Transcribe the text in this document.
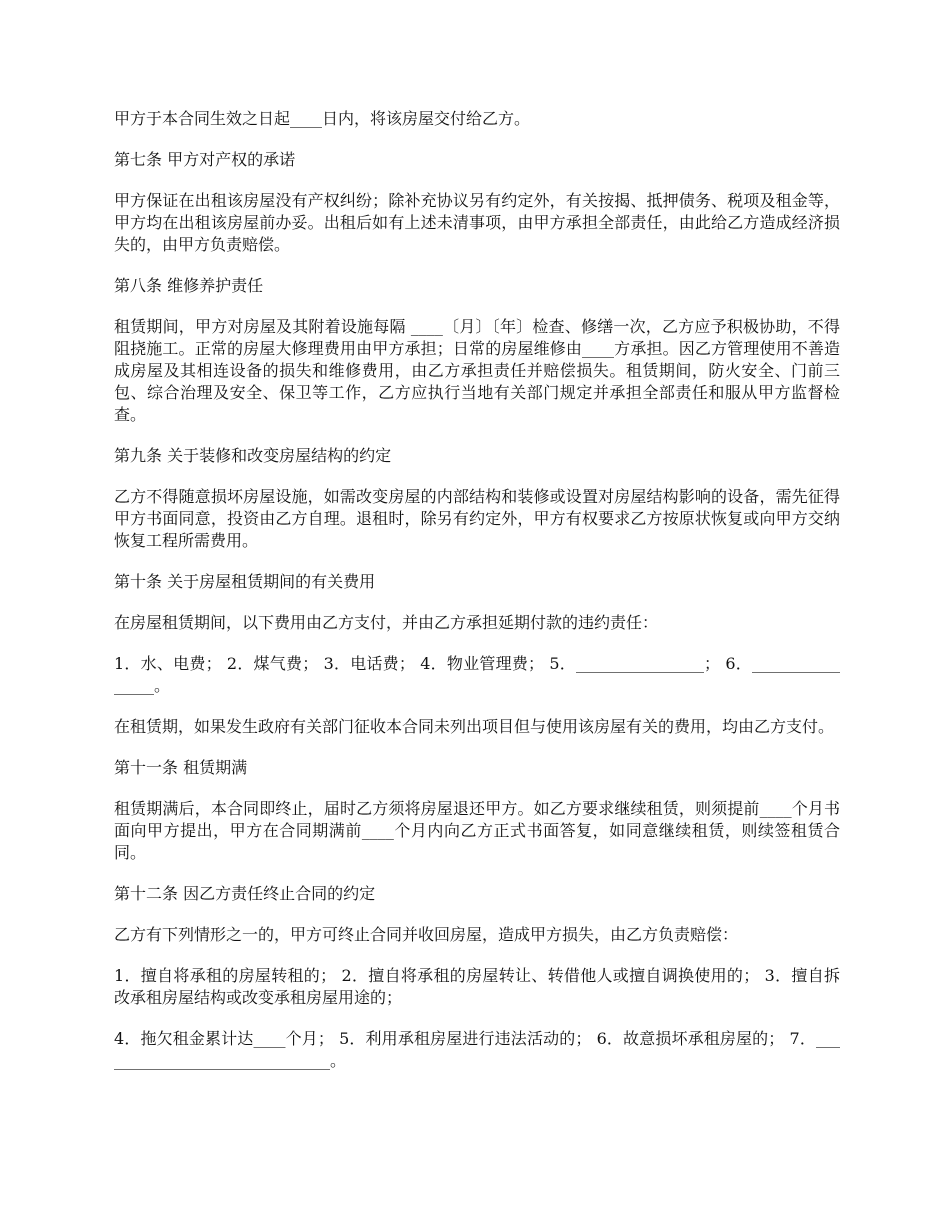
甲方于本合同生效之日起____日内，将该房屋交付给乙方。

第七条 甲方对产权的承诺

甲方保证在出租该房屋没有产权纠纷；除补充协议另有约定外，有关按揭、抵押债务、税项及租金等，甲方均在出租该房屋前办妥。出租后如有上述未清事项，由甲方承担全部责任，由此给乙方造成经济损失的，由甲方负责赔偿。

第八条 维修养护责任

租赁期间，甲方对房屋及其附着设施每隔 ____〔月〕〔年〕检查、修缮一次，乙方应予积极协助，不得阻挠施工。正常的房屋大修理费用由甲方承担；日常的房屋维修由____方承担。因乙方管理使用不善造成房屋及其相连设备的损失和维修费用，由乙方承担责任并赔偿损失。租赁期间，防火安全、门前三包、综合治理及安全、保卫等工作，乙方应执行当地有关部门规定并承担全部责任和服从甲方监督检查。

第九条 关于装修和改变房屋结构的约定

乙方不得随意损坏房屋设施，如需改变房屋的内部结构和装修或设置对房屋结构影响的设备，需先征得甲方书面同意，投资由乙方自理。退租时，除另有约定外，甲方有权要求乙方按原状恢复或向甲方交纳恢复工程所需费用。

第十条 关于房屋租赁期间的有关费用

在房屋租赁期间，以下费用由乙方支付，并由乙方承担延期付款的违约责任：

1．水、电费； 2．煤气费； 3．电话费； 4．物业管理费； 5．________________； 6．________________。

在租赁期，如果发生政府有关部门征收本合同未列出项目但与使用该房屋有关的费用，均由乙方支付。

第十一条 租赁期满

租赁期满后，本合同即终止，届时乙方须将房屋退还甲方。如乙方要求继续租赁，则须提前____个月书面向甲方提出，甲方在合同期满前____个月内向乙方正式书面答复，如同意继续租赁，则续签租赁合同。

第十二条 因乙方责任终止合同的约定

乙方有下列情形之一的，甲方可终止合同并收回房屋，造成甲方损失，由乙方负责赔偿：

1．擅自将承租的房屋转租的； 2．擅自将承租的房屋转让、转借他人或擅自调换使用的； 3．擅自拆改承租房屋结构或改变承租房屋用途的；

4．拖欠租金累计达____个月； 5．利用承租房屋进行违法活动的； 6．故意损坏承租房屋的； 7．______________________________。
